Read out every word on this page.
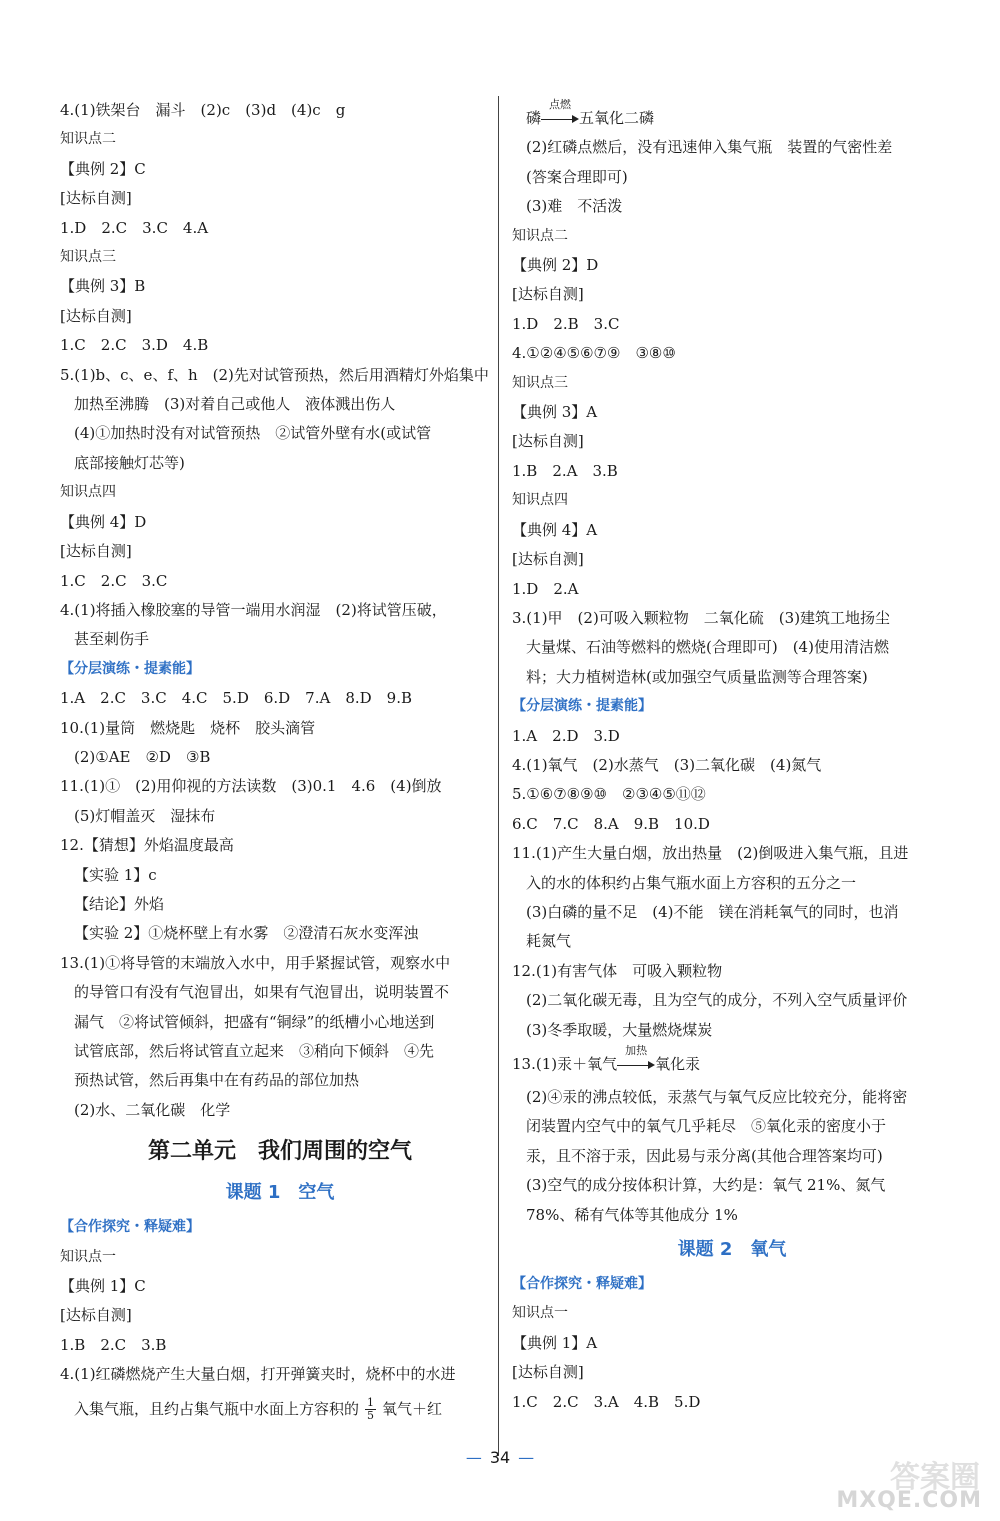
4.(1)铁架台　漏斗　(2)c　(3)d　(4)c　g
知识点二
【典例 2】C
[达标自测]
1.D　2.C　3.C　4.A
知识点三
【典例 3】B
[达标自测]
1.C　2.C　3.D　4.B
5.(1)b、c、e、f、h　(2)先对试管预热，然后用酒精灯外焰集中
加热至沸腾　(3)对着自己或他人　液体溅出伤人
(4)①加热时没有对试管预热　②试管外壁有水(或试管
底部接触灯芯等)
知识点四
【典例 4】D
[达标自测]
1.C　2.C　3.C
4.(1)将插入橡胶塞的导管一端用水润湿　(2)将试管压破，
甚至刺伤手
【分层演练・提素能】
1.A　2.C　3.C　4.C　5.D　6.D　7.A　8.D　9.B
10.(1)量筒　燃烧匙　烧杯　胶头滴管
(2)①AE　②D　③B
11.(1)①　(2)用仰视的方法读数　(3)0.1　4.6　(4)倒放
(5)灯帽盖灭　湿抹布
12.【猜想】外焰温度最高
【实验 1】c
【结论】外焰
【实验 2】①烧杯壁上有水雾　②澄清石灰水变浑浊
13.(1)①将导管的末端放入水中，用手紧握试管，观察水中
的导管口有没有气泡冒出，如果有气泡冒出，说明装置不
漏气　②将试管倾斜，把盛有“铜绿”的纸槽小心地送到
试管底部，然后将试管直立起来　③稍向下倾斜　④先
预热试管，然后再集中在有药品的部位加热
(2)水、二氧化碳　化学
第二单元　我们周围的空气
课题 1 空气
【合作探究・释疑难】
知识点一
【典例 1】C
[达标自测]
1.B　2.C　3.B
4.(1)红磷燃烧产生大量白烟，打开弹簧夹时，烧杯中的水进
入集气瓶，且约占集气瓶中水面上方容积的 $\frac{1}{5}$ 氧气＋红
磷
点燃
五氧化二磷
(2)红磷点燃后，没有迅速伸入集气瓶　装置的气密性差
(答案合理即可)
(3)难　不活泼
知识点二
【典例 2】D
[达标自测]
1.D　2.B　3.C
4.①②④⑤⑥⑦⑨　③⑧⑩
知识点三
【典例 3】A
[达标自测]
1.B　2.A　3.B
知识点四
【典例 4】A
[达标自测]
1.D　2.A
3.(1)甲　(2)可吸入颗粒物　二氧化硫　(3)建筑工地扬尘
大量煤、石油等燃料的燃烧(合理即可)　(4)使用清洁燃
料；大力植树造林(或加强空气质量监测等合理答案)
【分层演练・提素能】
1.A　2.D　3.D
4.(1)氧气　(2)水蒸气　(3)二氧化碳　(4)氮气
5.①⑥⑦⑧⑨⑩　②③④⑤⑪⑫
6.C　7.C　8.A　9.B　10.D
11.(1)产生大量白烟，放出热量　(2)倒吸进入集气瓶，且进
入的水的体积约占集气瓶水面上方容积的五分之一
(3)白磷的量不足　(4)不能　镁在消耗氧气的同时，也消
耗氮气
12.(1)有害气体　可吸入颗粒物
(2)二氧化碳无毒，且为空气的成分，不列入空气质量评价
(3)冬季取暖，大量燃烧煤炭
13.(1)汞＋氧气
加热
氧化汞
(2)④汞的沸点较低，汞蒸气与氧气反应比较充分，能将密
闭装置内空气中的氧气几乎耗尽　⑤氧化汞的密度小于
汞，且不溶于汞，因此易与汞分离(其他合理答案均可)
(3)空气的成分按体积计算，大约是：氧气 21%、氮气
78%、稀有气体等其他成分 1%
课题 2 氧气
【合作探究・释疑难】
知识点一
【典例 1】A
[达标自测]
1.C　2.C　3.A　4.B　5.D
— 34 —
答案圈
MXQE.COM
